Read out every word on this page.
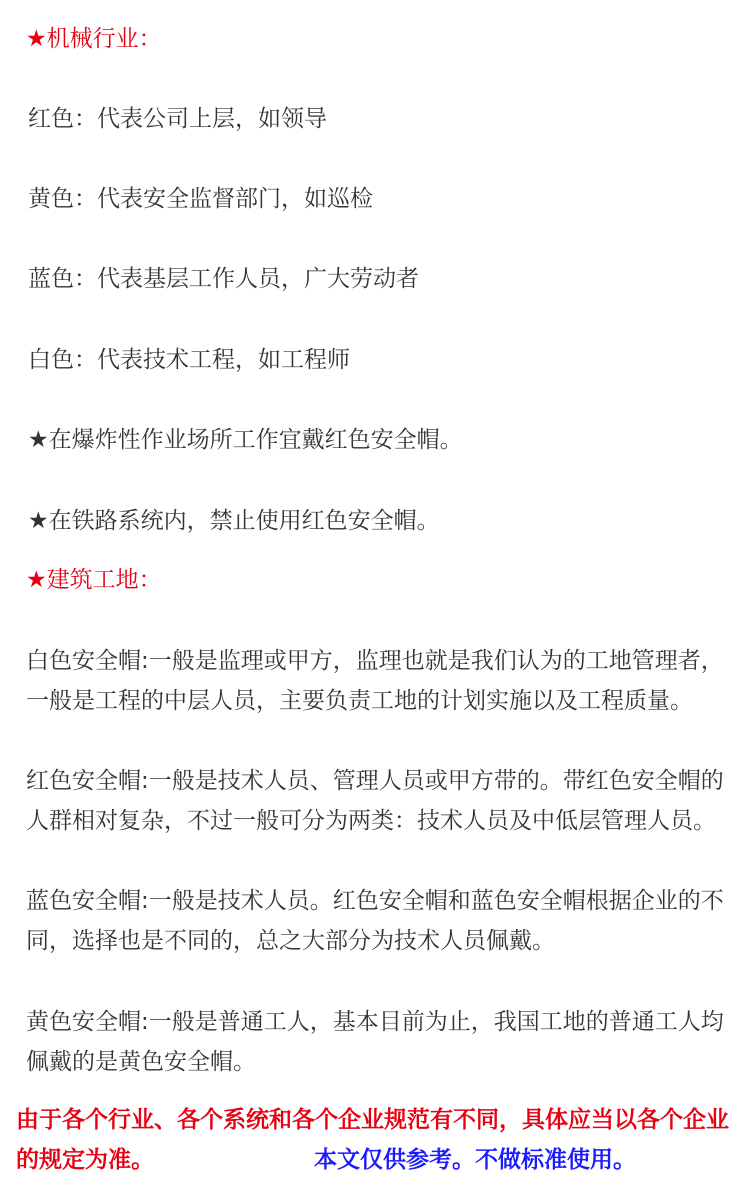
★机械行业：
红色：代表公司上层，如领导
黄色：代表安全监督部门，如巡检
蓝色：代表基层工作人员，广大劳动者
白色：代表技术工程，如工程师
★在爆炸性作业场所工作宜戴红色安全帽。
★在铁路系统内，禁止使用红色安全帽。
★建筑工地：
白色安全帽:一般是监理或甲方，监理也就是我们认为的工地管理者，
一般是工程的中层人员，主要负责工地的计划实施以及工程质量。
红色安全帽:一般是技术人员、管理人员或甲方带的。带红色安全帽的
人群相对复杂，不过一般可分为两类：技术人员及中低层管理人员。
蓝色安全帽:一般是技术人员。红色安全帽和蓝色安全帽根据企业的不
同，选择也是不同的，总之大部分为技术人员佩戴。
黄色安全帽:一般是普通工人，基本目前为止，我国工地的普通工人均
佩戴的是黄色安全帽。
由于各个行业、各个系统和各个企业规范有不同，具体应当以各个企业
的规定为准。	本文仅供参考。不做标准使用。
